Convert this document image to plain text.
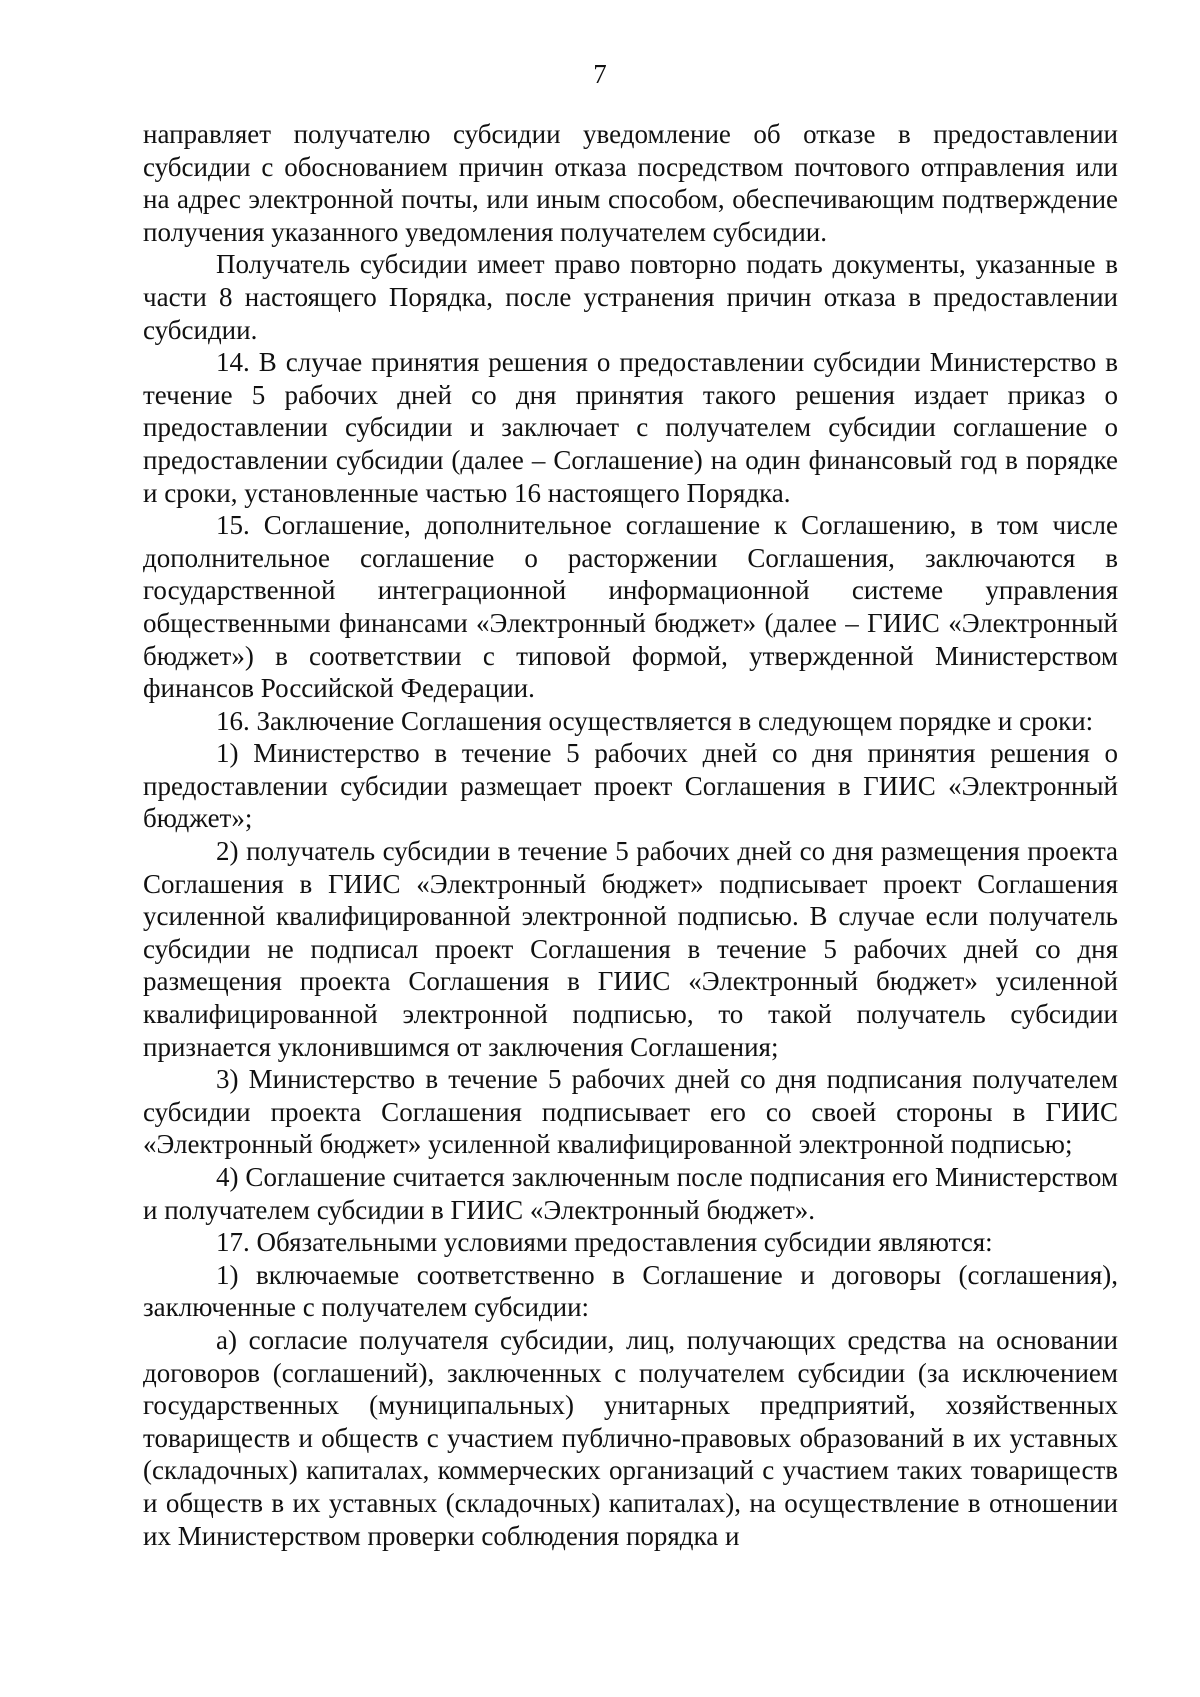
7

направляет получателю субсидии уведомление об отказе в предоставлении субсидии с обоснованием причин отказа посредством почтового отправления или на адрес электронной почты, или иным способом, обеспечивающим подтверждение получения указанного уведомления получателем субсидии.

Получатель субсидии имеет право повторно подать документы, указанные в части 8 настоящего Порядка, после устранения причин отказа в предоставлении субсидии.

14. В случае принятия решения о предоставлении субсидии Министерство в течение 5 рабочих дней со дня принятия такого решения издает приказ о предоставлении субсидии и заключает с получателем субсидии соглашение о предоставлении субсидии (далее – Соглашение) на один финансовый год в порядке и сроки, установленные частью 16 настоящего Порядка.

15. Соглашение, дополнительное соглашение к Соглашению, в том числе дополнительное соглашение о расторжении Соглашения, заключаются в государственной интеграционной информационной системе управления общественными финансами «Электронный бюджет» (далее – ГИИС «Электронный бюджет») в соответствии с типовой формой, утвержденной Министерством финансов Российской Федерации.

16. Заключение Соглашения осуществляется в следующем порядке и сроки:

1) Министерство в течение 5 рабочих дней со дня принятия решения о предоставлении субсидии размещает проект Соглашения в ГИИС «Электронный бюджет»;

2) получатель субсидии в течение 5 рабочих дней со дня размещения проекта Соглашения в ГИИС «Электронный бюджет» подписывает проект Соглашения усиленной квалифицированной электронной подписью. В случае если получатель субсидии не подписал проект Соглашения в течение 5 рабочих дней со дня размещения проекта Соглашения в ГИИС «Электронный бюджет» усиленной квалифицированной электронной подписью, то такой получатель субсидии признается уклонившимся от заключения Соглашения;

3) Министерство в течение 5 рабочих дней со дня подписания получателем субсидии проекта Соглашения подписывает его со своей стороны в ГИИС «Электронный бюджет» усиленной квалифицированной электронной подписью;

4) Соглашение считается заключенным после подписания его Министерством и получателем субсидии в ГИИС «Электронный бюджет».

17. Обязательными условиями предоставления субсидии являются:

1) включаемые соответственно в Соглашение и договоры (соглашения), заключенные с получателем субсидии:

а) согласие получателя субсидии, лиц, получающих средства на основании договоров (соглашений), заключенных с получателем субсидии (за исключением государственных (муниципальных) унитарных предприятий, хозяйственных товариществ и обществ с участием публично-правовых образований в их уставных (складочных) капиталах, коммерческих организаций с участием таких товариществ и обществ в их уставных (складочных) капиталах), на осуществление в отношении их Министерством проверки соблюдения порядка и
